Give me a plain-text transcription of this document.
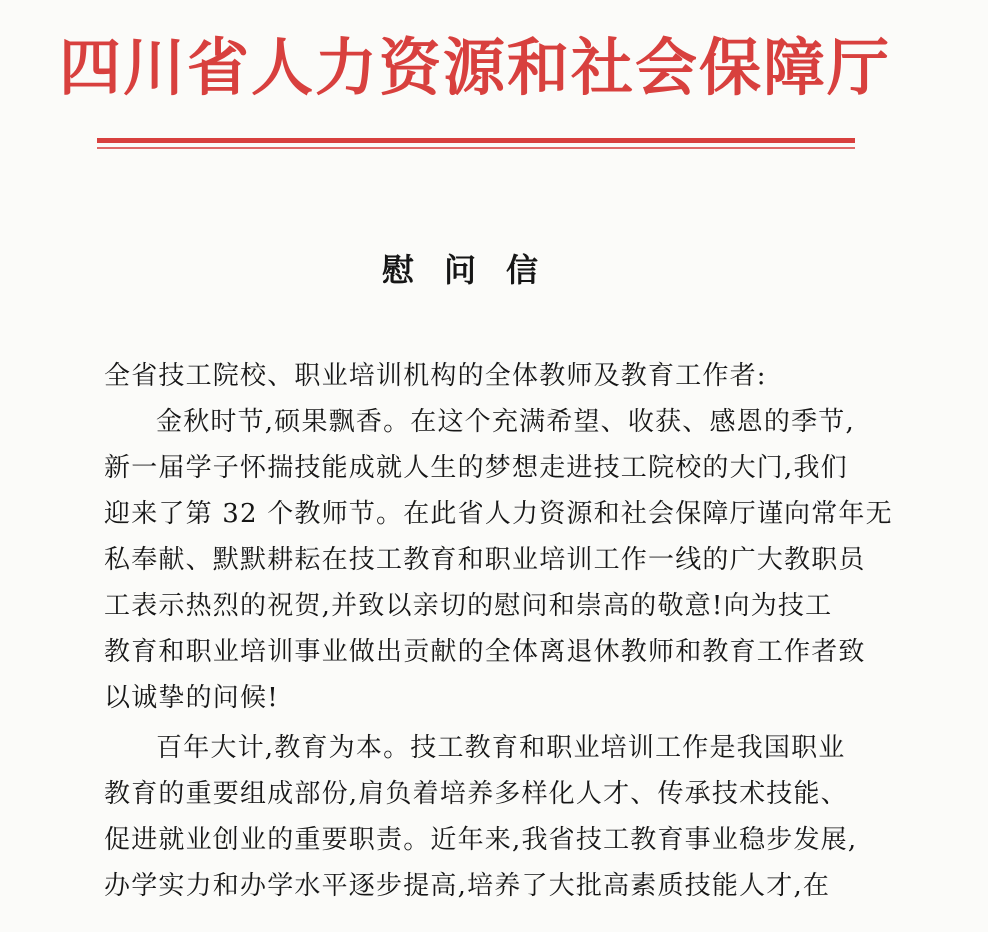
四川省人力资源和社会保障厅
慰问信
全省技工院校、职业培训机构的全体教师及教育工作者:
金秋时节,硕果飘香。在这个充满希望、收获、感恩的季节,
新一届学子怀揣技能成就人生的梦想走进技工院校的大门,我们
迎来了第 32 个教师节。在此省人力资源和社会保障厅谨向常年无
私奉献、默默耕耘在技工教育和职业培训工作一线的广大教职员
工表示热烈的祝贺,并致以亲切的慰问和崇高的敬意!向为技工
教育和职业培训事业做出贡献的全体离退休教师和教育工作者致
以诚挚的问候!
百年大计,教育为本。技工教育和职业培训工作是我国职业
教育的重要组成部份,肩负着培养多样化人才、传承技术技能、
促进就业创业的重要职责。近年来,我省技工教育事业稳步发展,
办学实力和办学水平逐步提高,培养了大批高素质技能人才,在
